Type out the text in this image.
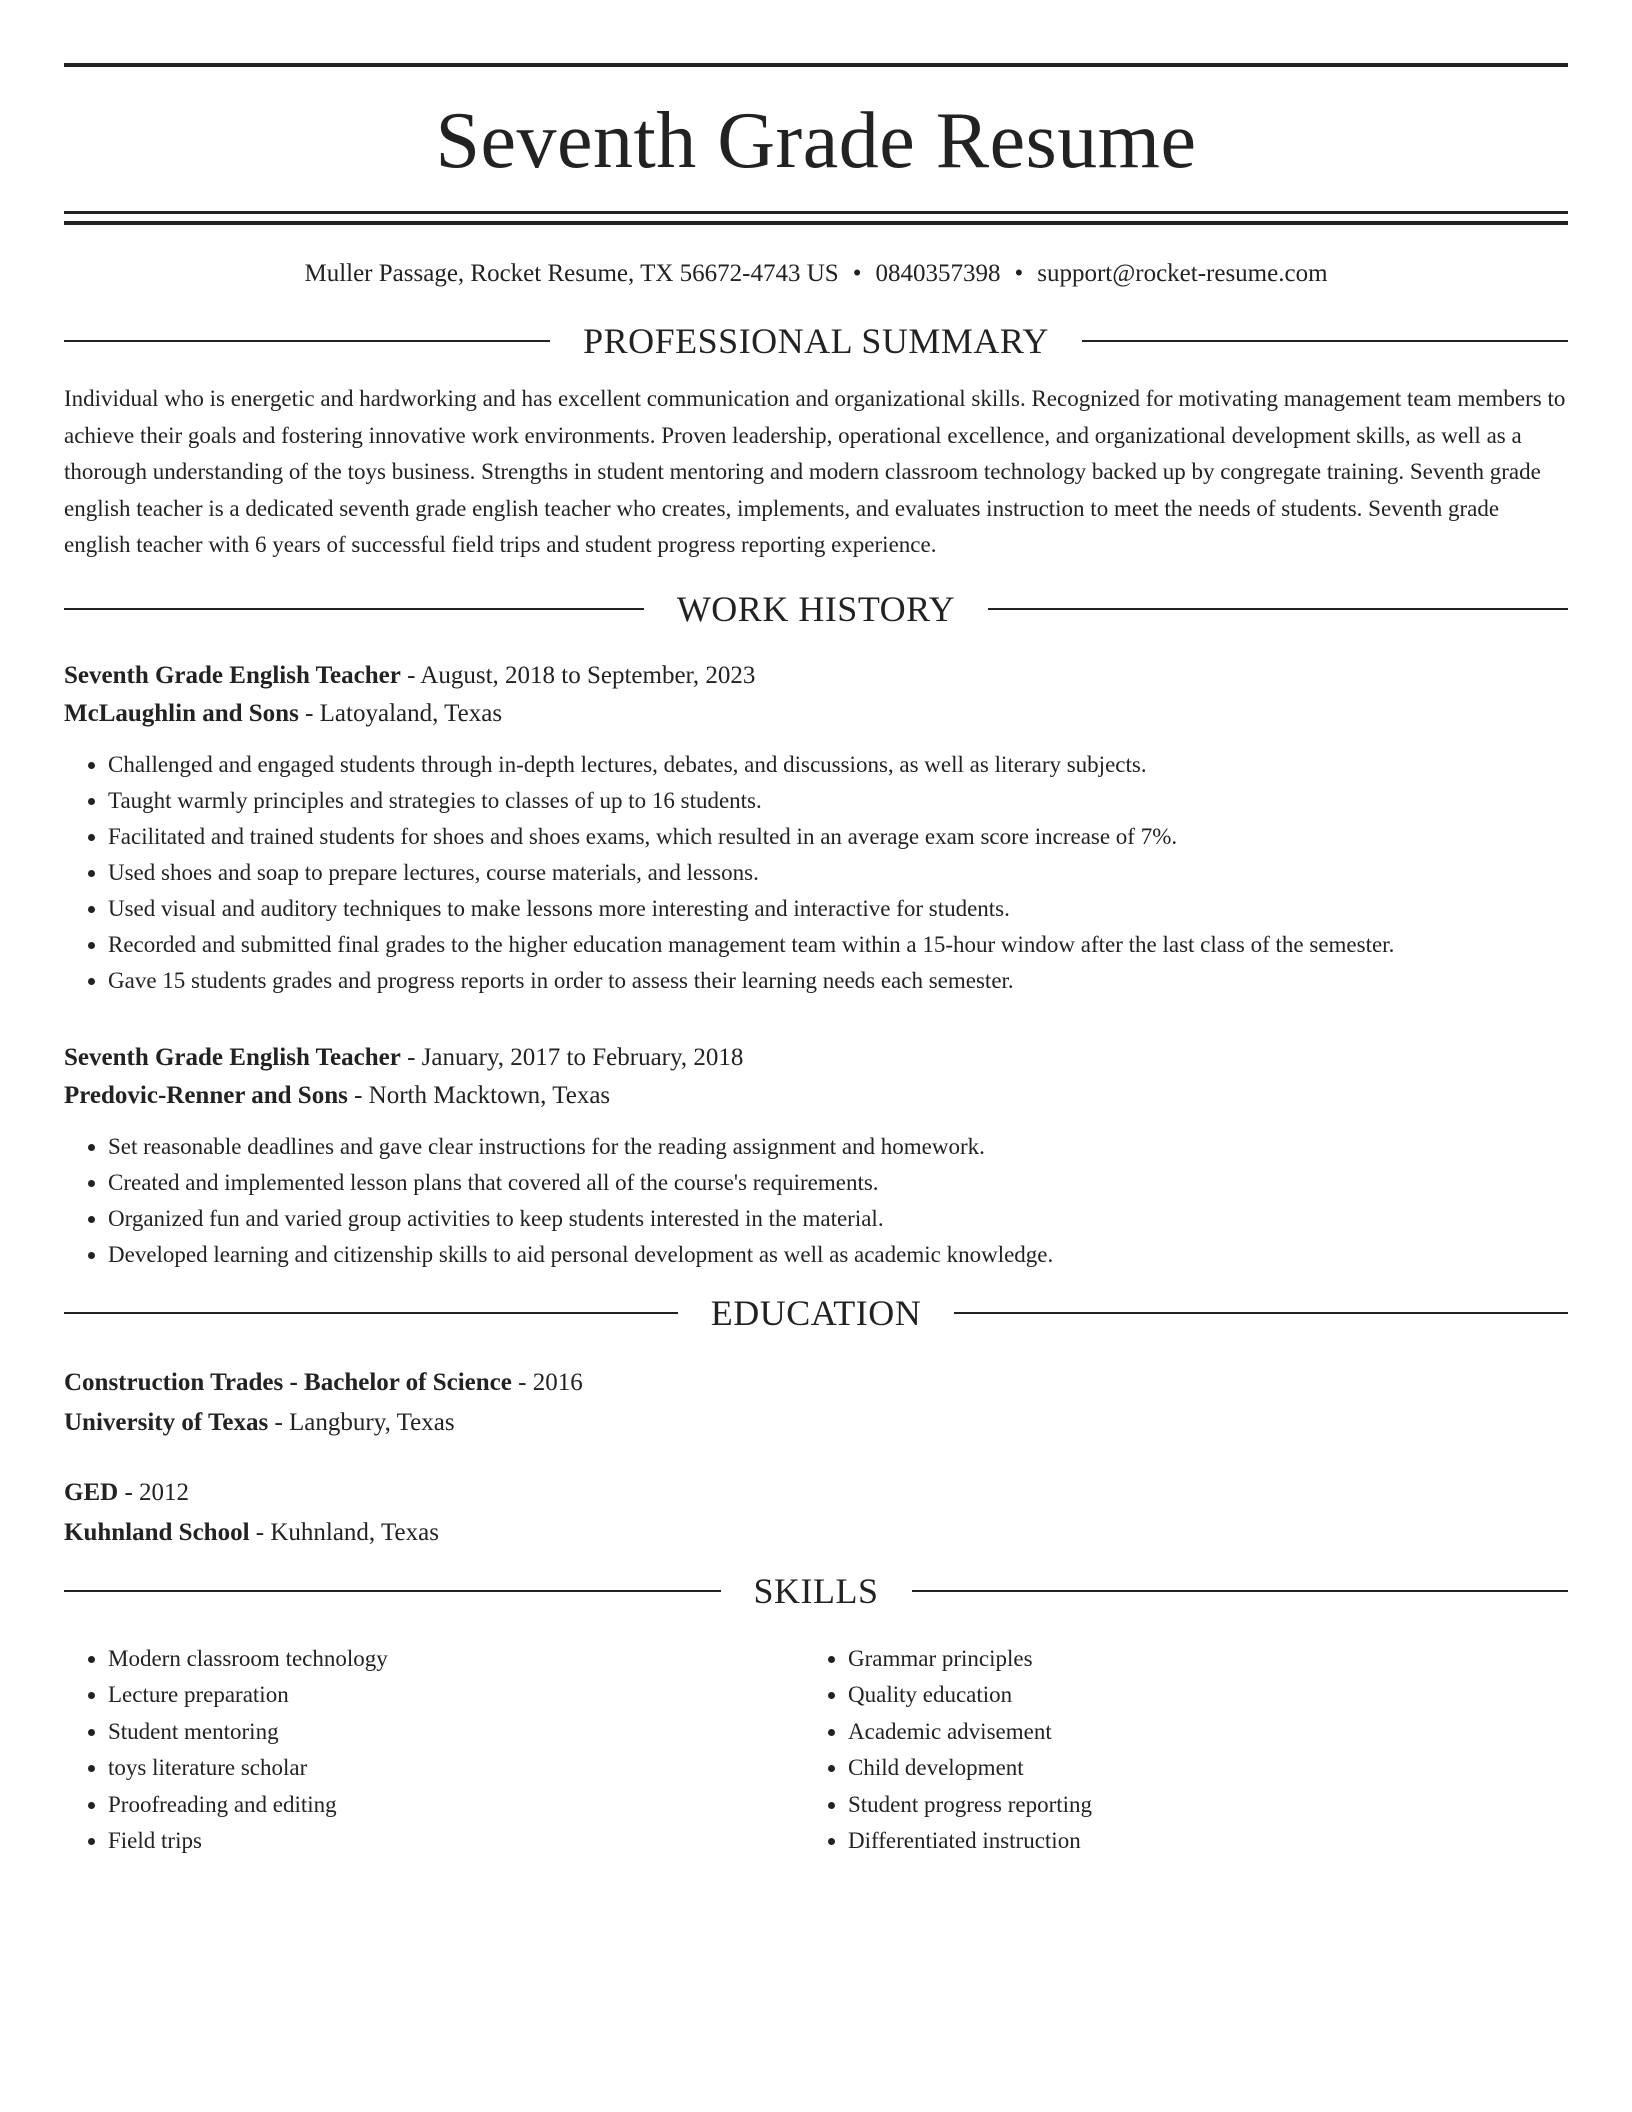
Seventh Grade Resume
Muller Passage, Rocket Resume, TX 56672-4743 US • 0840357398 • support@rocket-resume.com
PROFESSIONAL SUMMARY

Individual who is energetic and hardworking and has excellent communication and organizational skills. Recognized for motivating management team members to achieve their goals and fostering innovative work environments. Proven leadership, operational excellence, and organizational development skills, as well as a thorough understanding of the toys business. Strengths in student mentoring and modern classroom technology backed up by congregate training. Seventh grade english teacher is a dedicated seventh grade english teacher who creates, implements, and evaluates instruction to meet the needs of students. Seventh grade english teacher with 6 years of successful field trips and student progress reporting experience.

WORK HISTORY
Seventh Grade English Teacher - August, 2018 to September, 2023
McLaughlin and Sons - Latoyaland, Texas
• Challenged and engaged students through in-depth lectures, debates, and discussions, as well as literary subjects.
• Taught warmly principles and strategies to classes of up to 16 students.
• Facilitated and trained students for shoes and shoes exams, which resulted in an average exam score increase of 7%.
• Used shoes and soap to prepare lectures, course materials, and lessons.
• Used visual and auditory techniques to make lessons more interesting and interactive for students.
• Recorded and submitted final grades to the higher education management team within a 15-hour window after the last class of the semester.
• Gave 15 students grades and progress reports in order to assess their learning needs each semester.
Seventh Grade English Teacher - January, 2017 to February, 2018
Predovic-Renner and Sons - North Macktown, Texas
• Set reasonable deadlines and gave clear instructions for the reading assignment and homework.
• Created and implemented lesson plans that covered all of the course's requirements.
• Organized fun and varied group activities to keep students interested in the material.
• Developed learning and citizenship skills to aid personal development as well as academic knowledge.
EDUCATION
Construction Trades - Bachelor of Science - 2016
University of Texas - Langbury, Texas
GED - 2012
Kuhnland School - Kuhnland, Texas
SKILLS
• Modern classroom technology
• Lecture preparation
• Student mentoring
• toys literature scholar
• Proofreading and editing
• Field trips
• Grammar principles
• Quality education
• Academic advisement
• Child development
• Student progress reporting
• Differentiated instruction
